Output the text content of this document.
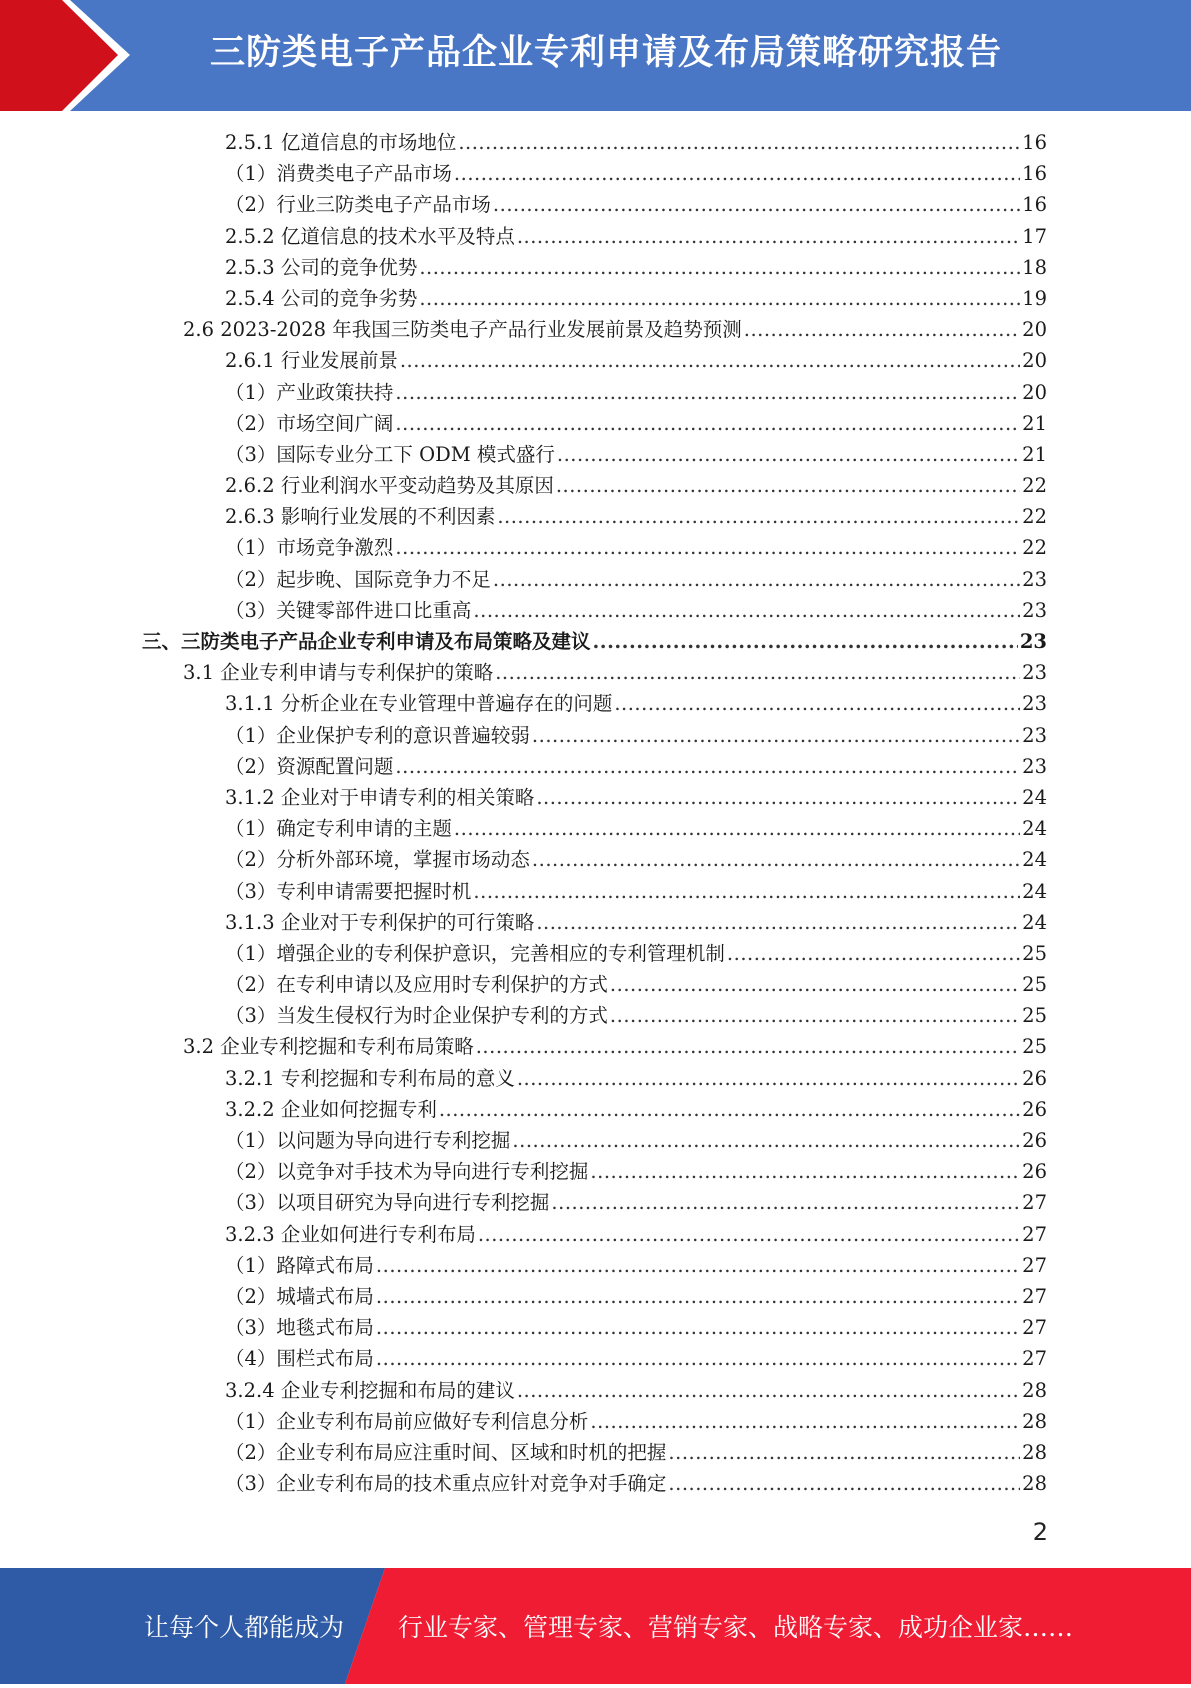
三防类电子产品企业专利申请及布局策略研究报告
2.5.1 亿道信息的市场地位 .....	16
（1）消费类电子产品市场 .....	16
（2）行业三防类电子产品市场 .....	16
2.5.2 亿道信息的技术水平及特点 .....	17
2.5.3 公司的竞争优势 .....	18
2.5.4 公司的竞争劣势 .....	19
2.6 2023-2028 年我国三防类电子产品行业发展前景及趋势预测 .....	20
2.6.1 行业发展前景 .....	20
（1）产业政策扶持 .....	20
（2）市场空间广阔 .....	21
（3）国际专业分工下 ODM 模式盛行 .....	21
2.6.2 行业利润水平变动趋势及其原因 .....	22
2.6.3 影响行业发展的不利因素 .....	22
（1）市场竞争激烈 .....	22
（2）起步晚、国际竞争力不足 .....	23
（3）关键零部件进口比重高 .....	23
三、三防类电子产品企业专利申请及布局策略及建议 .....	23
3.1 企业专利申请与专利保护的策略 .....	23
3.1.1 分析企业在专业管理中普遍存在的问题 .....	23
（1）企业保护专利的意识普遍较弱 .....	23
（2）资源配置问题 .....	23
3.1.2 企业对于申请专利的相关策略 .....	24
（1）确定专利申请的主题 .....	24
（2）分析外部环境，掌握市场动态 .....	24
（3）专利申请需要把握时机 .....	24
3.1.3 企业对于专利保护的可行策略 .....	24
（1）增强企业的专利保护意识，完善相应的专利管理机制 .....	25
（2）在专利申请以及应用时专利保护的方式 .....	25
（3）当发生侵权行为时企业保护专利的方式 .....	25
3.2 企业专利挖掘和专利布局策略 .....	25
3.2.1 专利挖掘和专利布局的意义 .....	26
3.2.2 企业如何挖掘专利 .....	26
（1）以问题为导向进行专利挖掘 .....	26
（2）以竞争对手技术为导向进行专利挖掘 .....	26
（3）以项目研究为导向进行专利挖掘 .....	27
3.2.3 企业如何进行专利布局 .....	27
（1）路障式布局 .....	27
（2）城墙式布局 .....	27
（3）地毯式布局 .....	27
（4）围栏式布局 .....	27
3.2.4 企业专利挖掘和布局的建议 .....	28
（1）企业专利布局前应做好专利信息分析 .....	28
（2）企业专利布局应注重时间、区域和时机的把握 .....	28
（3）企业专利布局的技术重点应针对竞争对手确定 .....	28
2
让每个人都能成为 行业专家、管理专家、营销专家、战略专家、成功企业家……
